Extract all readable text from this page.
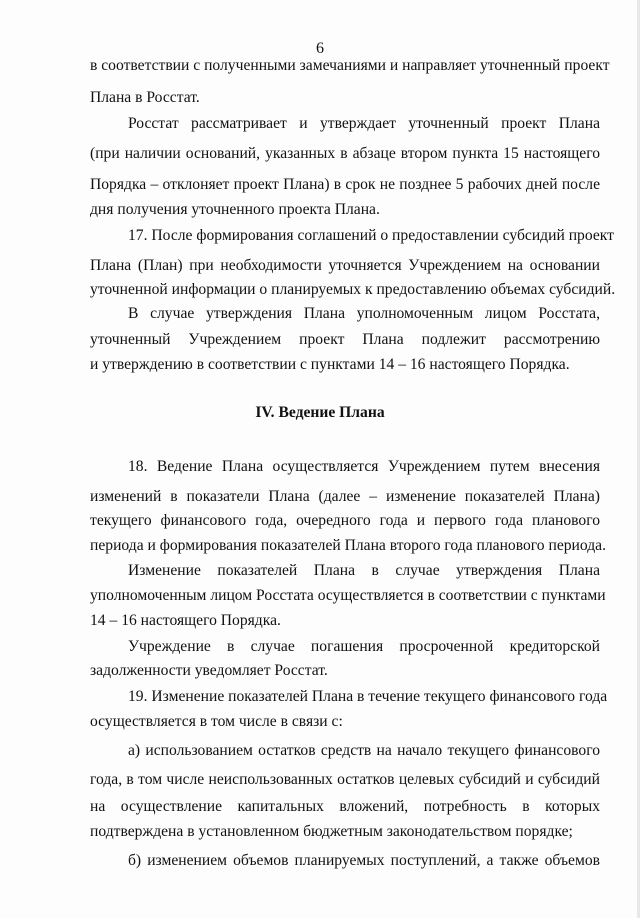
6
в соответствии с полученными замечаниями и направляет уточненный проект
Плана в Росстат.
Росстат рассматривает и утверждает уточненный проект Плана
(при наличии оснований, указанных в абзаце втором пункта 15 настоящего
Порядка – отклоняет проект Плана) в срок не позднее 5 рабочих дней после
дня получения уточненного проекта Плана.
17. После формирования соглашений о предоставлении субсидий проект
Плана (План) при необходимости уточняется Учреждением на основании
уточненной информации о планируемых к предоставлению объемах субсидий.
В случае утверждения Плана уполномоченным лицом Росстата,
уточненный Учреждением проект Плана подлежит рассмотрению
и утверждению в соответствии с пунктами 14 – 16 настоящего Порядка.
IV. Ведение Плана
18. Ведение Плана осуществляется Учреждением путем внесения
изменений в показатели Плана (далее – изменение показателей Плана)
текущего финансового года, очередного года и первого года планового
периода и формирования показателей Плана второго года планового периода.
Изменение показателей Плана в случае утверждения Плана
уполномоченным лицом Росстата осуществляется в соответствии с пунктами
14 – 16 настоящего Порядка.
Учреждение в случае погашения просроченной кредиторской
задолженности уведомляет Росстат.
19. Изменение показателей Плана в течение текущего финансового года
осуществляется в том числе в связи с:
а) использованием остатков средств на начало текущего финансового
года, в том числе неиспользованных остатков целевых субсидий и субсидий
на осуществление капитальных вложений, потребность в которых
подтверждена в установленном бюджетным законодательством порядке;
б) изменением объемов планируемых поступлений, а также объемов
